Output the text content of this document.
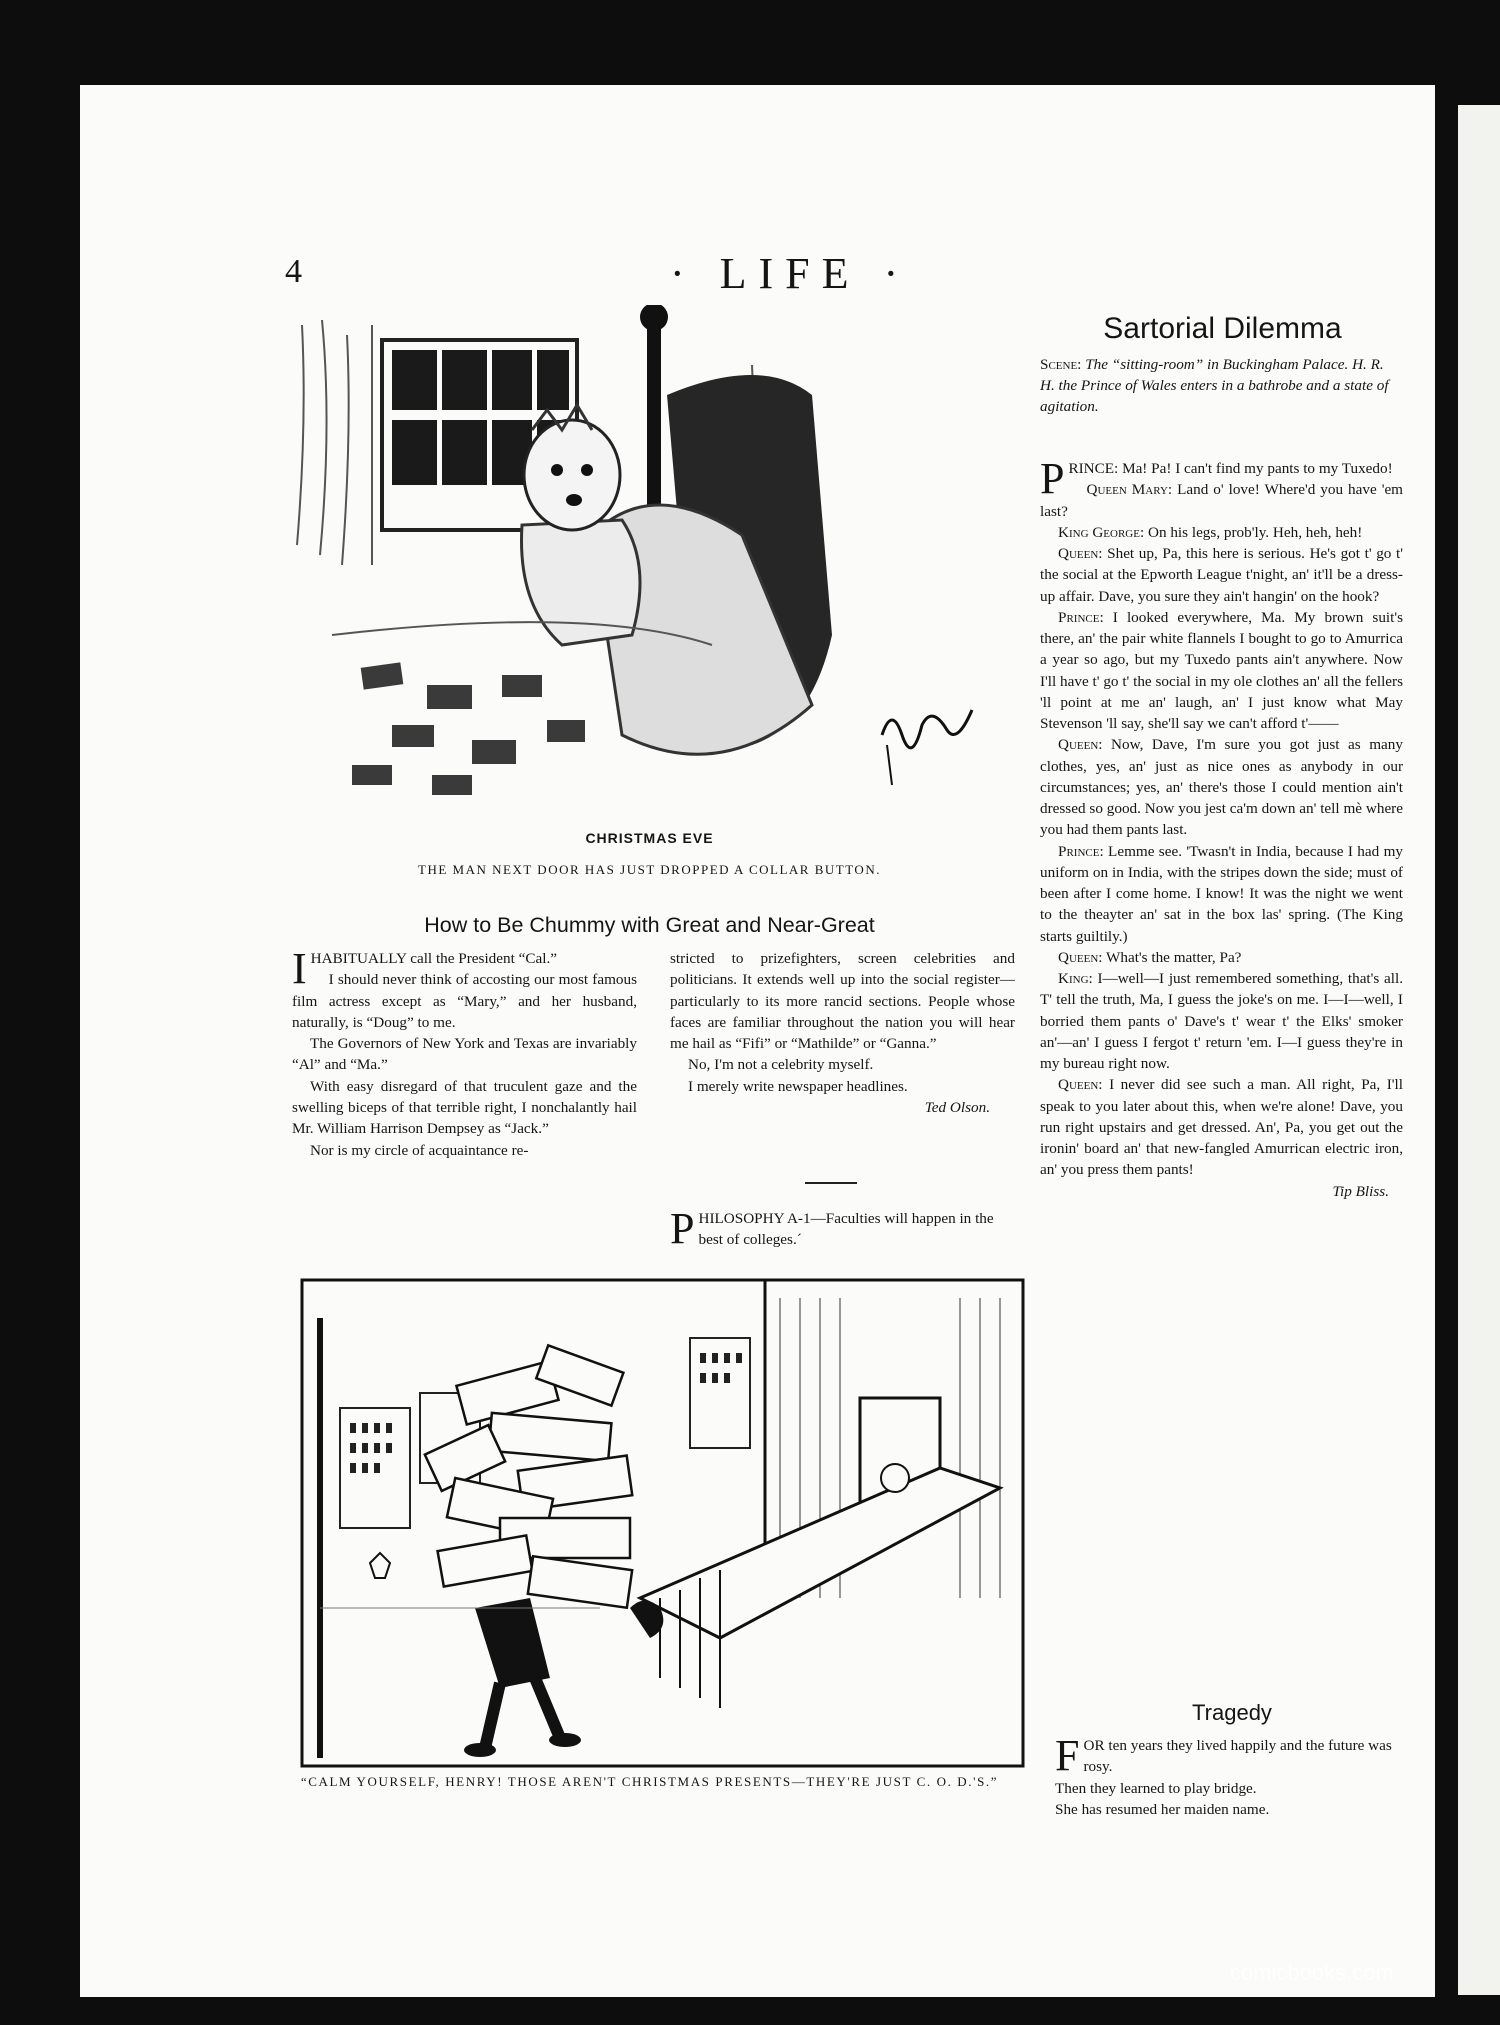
4	· LIFE ·
CHRISTMAS EVE
THE MAN NEXT DOOR HAS JUST DROPPED A COLLAR BUTTON.
Sartorial Dilemma
Scene: The “sitting-room” in Buckingham Palace. H. R. H. the Prince of Wales enters in a bathrobe and a state of agitation.

PRINCE: Ma! Pa! I can't find my pants to my Tuxedo!

Queen Mary: Land o' love! Where'd you have 'em last?

King George: On his legs, prob'ly. Heh, heh, heh!

Queen: Shet up, Pa, this here is serious. He's got t' go t' the social at the Epworth League t'night, an' it'll be a dress-up affair. Dave, you sure they ain't hangin' on the hook?

Prince: I looked everywhere, Ma. My brown suit's there, an' the pair white flannels I bought to go to Amurrica a year so ago, but my Tuxedo pants ain't anywhere. Now I'll have t' go t' the social in my ole clothes an' all the fellers 'll point at me an' laugh, an' I just know what May Stevenson 'll say, she'll say we can't afford t'——

Queen: Now, Dave, I'm sure you got just as many clothes, yes, an' just as nice ones as anybody in our circumstances; yes, an' there's those I could mention ain't dressed so good. Now you jest ca'm down an' tell mè where you had them pants last.

Prince: Lemme see. 'Twasn't in India, because I had my uniform on in India, with the stripes down the side; must of been after I come home. I know! It was the night we went to the theayter an' sat in the box las' spring. (The King starts guiltily.)

Queen: What's the matter, Pa?

King: I—well—I just remembered something, that's all. T' tell the truth, Ma, I guess the joke's on me. I—I—well, I borried them pants o' Dave's t' wear t' the Elks' smoker an'—an' I guess I fergot t' return 'em. I—I guess they're in my bureau right now.

Queen: I never did see such a man. All right, Pa, I'll speak to you later about this, when we're alone! Dave, you run right upstairs and get dressed. An', Pa, you get out the ironin' board an' that new-fangled Amurrican electric iron, an' you press them pants!

Tip Bliss.

How to Be Chummy with Great and Near-Great

I HABITUALLY call the President “Cal.”

I should never think of accosting our most famous film actress except as “Mary,” and her husband, naturally, is “Doug” to me.

The Governors of New York and Texas are invariably “Al” and “Ma.”

With easy disregard of that truculent gaze and the swelling biceps of that terrible right, I nonchalantly hail Mr. William Harrison Dempsey as “Jack.”

Nor is my circle of acquaintance re-

stricted to prizefighters, screen celebrities and politicians. It extends well up into the social register—particularly to its more rancid sections. People whose faces are familiar throughout the nation you will hear me hail as “Fifi” or “Mathilde” or “Ganna.”

No, I'm not a celebrity myself.

I merely write newspaper headlines.

Ted Olson.

PHILOSOPHY A-1—Faculties will happen in the best of colleges.´
“CALM YOURSELF, HENRY! THOSE AREN'T CHRISTMAS PRESENTS—THEY'RE JUST C. O. D.'S.”
Tragedy

FOR ten years they lived happily and the future was rosy.

Then they learned to play bridge.

She has resumed her maiden name.

comicbooks.com
